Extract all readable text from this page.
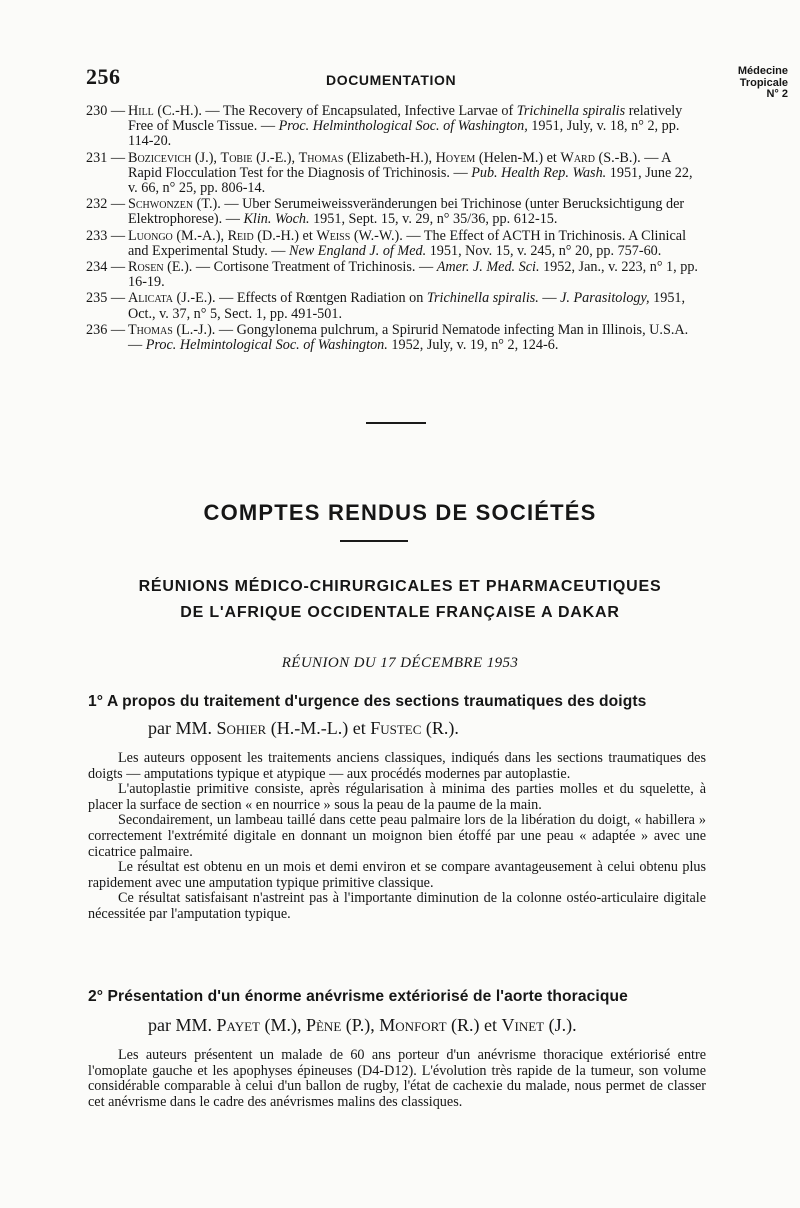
256	DOCUMENTATION
Médecine
Tropicale
N° 2
230 — Hill (C.-H.). — The Recovery of Encapsulated, Infective Larvae of Trichinella spiralis relatively Free of Muscle Tissue. — Proc. Helminthological Soc. of Washington, 1951, July, v. 18, n° 2, pp. 114-20.
231 — Bozicevich (J.), Tobie (J.-E.), Thomas (Elizabeth-H.), Hoyem (Helen-M.) et Ward (S.-B.). — A Rapid Flocculation Test for the Diagnosis of Trichinosis. — Pub. Health Rep. Wash. 1951, June 22, v. 66, n° 25, pp. 806-14.
232 — Schwonzen (T.). — Uber Serumeiweissveränderungen bei Trichinose (unter Berucksichtigung der Elektrophorese). — Klin. Woch. 1951, Sept. 15, v. 29, n° 35/36, pp. 612-15.
233 — Luongo (M.-A.), Reid (D.-H.) et Weiss (W.-W.). — The Effect of ACTH in Trichinosis. A Clinical and Experimental Study. — New England J. of Med. 1951, Nov. 15, v. 245, n° 20, pp. 757-60.
234 — Rosen (E.). — Cortisone Treatment of Trichinosis. — Amer. J. Med. Sci. 1952, Jan., v. 223, n° 1, pp. 16-19.
235 — Alicata (J.-E.). — Effects of Rœntgen Radiation on Trichinella spiralis. — J. Parasitology, 1951, Oct., v. 37, n° 5, Sect. 1, pp. 491-501.
236 — Thomas (L.-J.). — Gongylonema pulchrum, a Spirurid Nematode infecting Man in Illinois, U.S.A. — Proc. Helmintological Soc. of Washington. 1952, July, v. 19, n° 2, 124-6.
COMPTES RENDUS DE SOCIÉTÉS
RÉUNIONS MÉDICO-CHIRURGICALES ET PHARMACEUTIQUES
DE L'AFRIQUE OCCIDENTALE FRANÇAISE A DAKAR
RÉUNION DU 17 DÉCEMBRE 1953
1° A propos du traitement d'urgence des sections traumatiques des doigts
par MM. Sohier (H.-M.-L.) et Fustec (R.).

Les auteurs opposent les traitements anciens classiques, indiqués dans les sections traumatiques des doigts — amputations typique et atypique — aux procédés modernes par autoplastie.

L'autoplastie primitive consiste, après régularisation à minima des parties molles et du squelette, à placer la surface de section « en nourrice » sous la peau de la paume de la main.

Secondairement, un lambeau taillé dans cette peau palmaire lors de la libération du doigt, « habillera » correctement l'extrémité digitale en donnant un moignon bien étoffé par une peau « adaptée » avec une cicatrice palmaire.

Le résultat est obtenu en un mois et demi environ et se compare avantageusement à celui obtenu plus rapidement avec une amputation typique primitive classique.

Ce résultat satisfaisant n'astreint pas à l'importante diminution de la colonne ostéo-articulaire digitale nécessitée par l'amputation typique.

2° Présentation d'un énorme anévrisme extériorisé de l'aorte thoracique
par MM. Payet (M.), Pène (P.), Monfort (R.) et Vinet (J.).

Les auteurs présentent un malade de 60 ans porteur d'un anévrisme thoracique extériorisé entre l'omoplate gauche et les apophyses épineuses (D4-D12). L'évolution très rapide de la tumeur, son volume considérable comparable à celui d'un ballon de rugby, l'état de cachexie du malade, nous permet de classer cet anévrisme dans le cadre des anévrismes malins des classiques.
